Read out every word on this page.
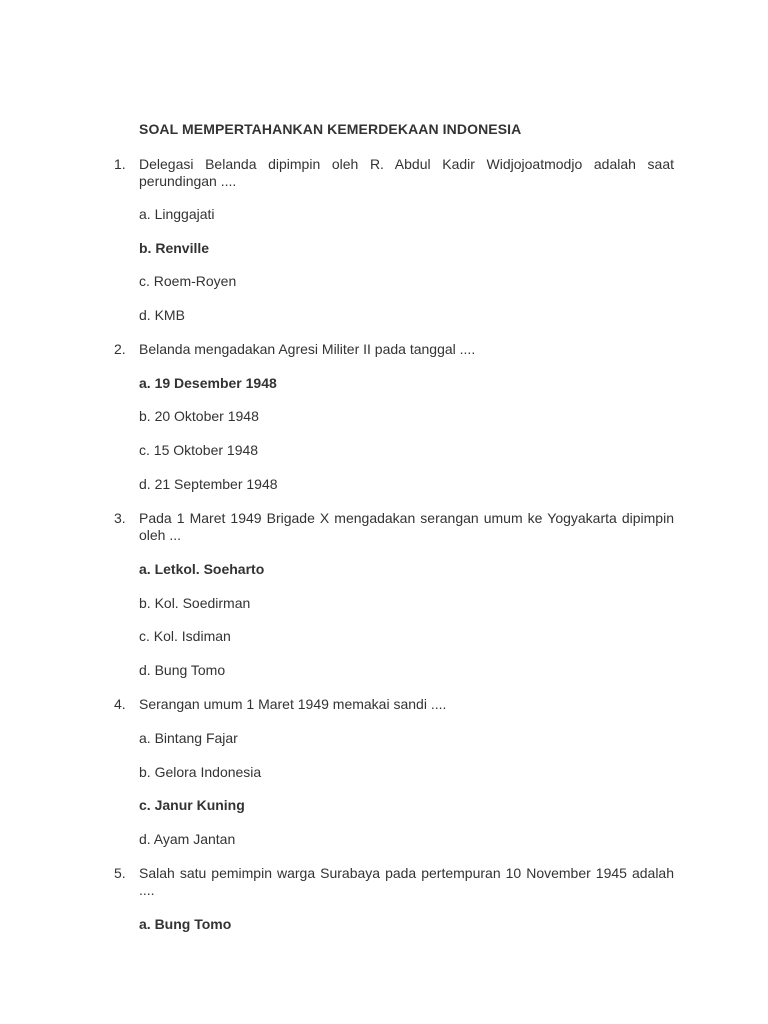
SOAL MEMPERTAHANKAN KEMERDEKAAN INDONESIA
1. Delegasi Belanda dipimpin oleh R. Abdul Kadir Widjojoatmodjo adalah saat perundingan ....
a. Linggajati
b. Renville
c. Roem-Royen
d. KMB
2. Belanda mengadakan Agresi Militer II pada tanggal ....
a. 19 Desember 1948
b. 20 Oktober 1948
c. 15 Oktober 1948
d. 21 September 1948
3. Pada 1 Maret 1949 Brigade X mengadakan serangan umum ke Yogyakarta dipimpin oleh ...
a. Letkol. Soeharto
b. Kol. Soedirman
c. Kol. Isdiman
d. Bung Tomo
4. Serangan umum 1 Maret 1949 memakai sandi ....
a. Bintang Fajar
b. Gelora Indonesia
c. Janur Kuning
d. Ayam Jantan
5. Salah satu pemimpin warga Surabaya pada pertempuran 10 November 1945 adalah ....
a. Bung Tomo
